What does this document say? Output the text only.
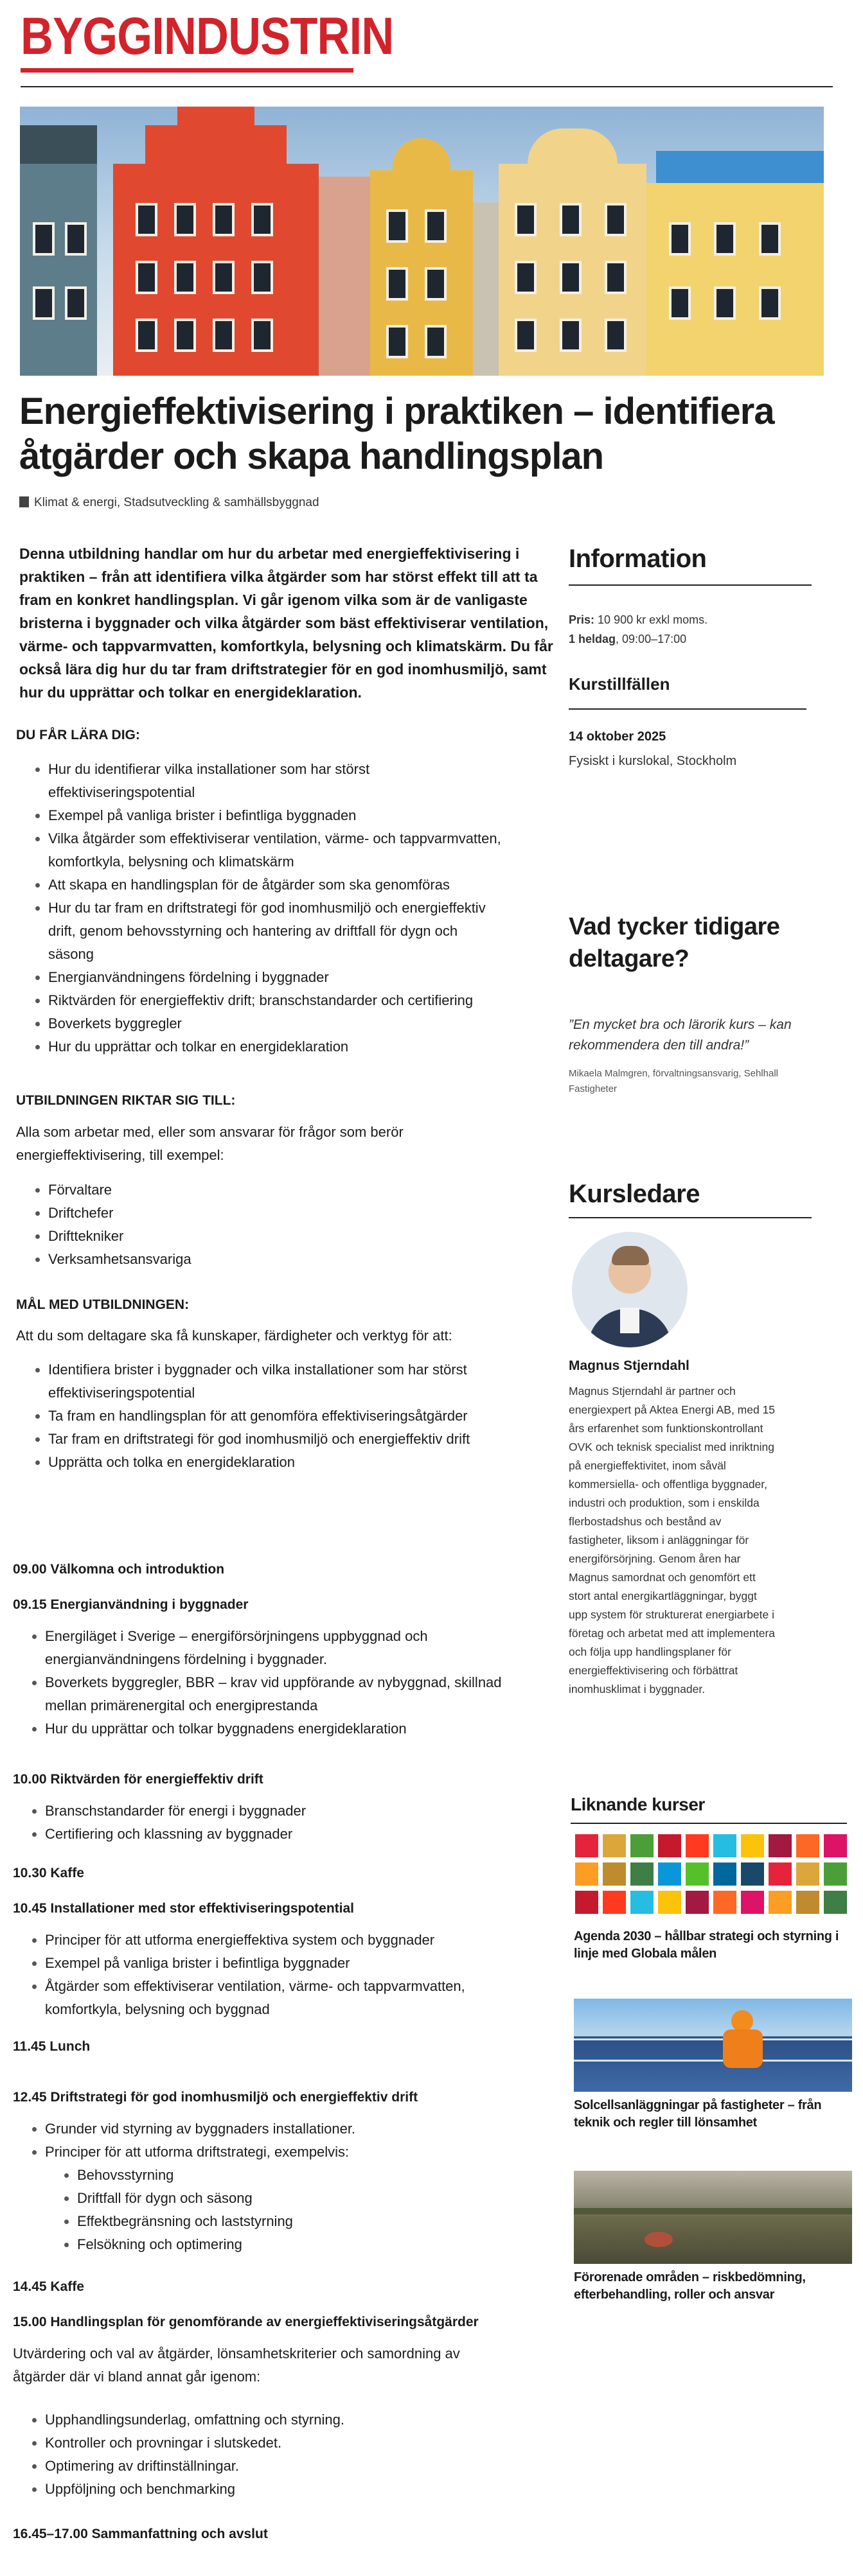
BYGGINDUSTRIN
Energieffektivisering i praktiken – identifiera
åtgärder och skapa handlingsplan
Klimat & energi, Stadsutveckling & samhällsbyggnad
Denna utbildning handlar om hur du arbetar med energieffektivisering i
praktiken – från att identifiera vilka åtgärder som har störst effekt till att ta
fram en konkret handlingsplan. Vi går igenom vilka som är de vanligaste
bristerna i byggnader och vilka åtgärder som bäst effektiviserar ventilation,
värme- och tappvarmvatten, komfortkyla, belysning och klimatskärm. Du får
också lära dig hur du tar fram driftstrategier för en god inomhusmiljö, samt
hur du upprättar och tolkar en energideklaration.
DU FÅR LÄRA DIG:
• Hur du identifierar vilka installationer som har störst
effektiviseringspotential
• Exempel på vanliga brister i befintliga byggnaden
• Vilka åtgärder som effektiviserar ventilation, värme- och tappvarmvatten,
komfortkyla, belysning och klimatskärm
• Att skapa en handlingsplan för de åtgärder som ska genomföras
• Hur du tar fram en driftstrategi för god inomhusmiljö och energieffektiv
drift, genom behovsstyrning och hantering av driftfall för dygn och
säsong
• Energianvändningens fördelning i byggnader
• Riktvärden för energieffektiv drift; branschstandarder och certifiering
• Boverkets byggregler
• Hur du upprättar och tolkar en energideklaration
UTBILDNINGEN RIKTAR SIG TILL:
Alla som arbetar med, eller som ansvarar för frågor som berör
energieffektivisering, till exempel:
• Förvaltare
• Driftchefer
• Drifttekniker
• Verksamhetsansvariga
MÅL MED UTBILDNINGEN:
Att du som deltagare ska få kunskaper, färdigheter och verktyg för att:
• Identifiera brister i byggnader och vilka installationer som har störst
effektiviseringspotential
• Ta fram en handlingsplan för att genomföra effektiviseringsåtgärder
• Tar fram en driftstrategi för god inomhusmiljö och energieffektiv drift
• Upprätta och tolka en energideklaration
09.00 Välkomna och introduktion
09.15 Energianvändning i byggnader
• Energiläget i Sverige – energiförsörjningens uppbyggnad och
energianvändningens fördelning i byggnader.
• Boverkets byggregler, BBR – krav vid uppförande av nybyggnad, skillnad
mellan primärenergital och energiprestanda
• Hur du upprättar och tolkar byggnadens energideklaration
10.00 Riktvärden för energieffektiv drift
• Branschstandarder för energi i byggnader
• Certifiering och klassning av byggnader
10.30 Kaffe
10.45 Installationer med stor effektiviseringspotential
• Principer för att utforma energieffektiva system och byggnader
• Exempel på vanliga brister i befintliga byggnader
• Åtgärder som effektiviserar ventilation, värme- och tappvarmvatten,
komfortkyla, belysning och byggnad
11.45 Lunch
12.45 Driftstrategi för god inomhusmiljö och energieffektiv drift
• Grunder vid styrning av byggnaders installationer.
• Principer för att utforma driftstrategi, exempelvis:
• Behovsstyrning
• Driftfall för dygn och säsong
• Effektbegränsning och laststyrning
• Felsökning och optimering
14.45 Kaffe
15.00 Handlingsplan för genomförande av energieffektiviseringsåtgärder
Utvärdering och val av åtgärder, lönsamhetskriterier och samordning av
åtgärder där vi bland annat går igenom:
• Upphandlingsunderlag, omfattning och styrning.
• Kontroller och provningar i slutskedet.
• Optimering av driftinställningar.
• Uppföljning och benchmarking
16.45–17.00 Sammanfattning och avslut
Information
Pris: 10 900 kr exkl moms.
1 heldag, 09:00–17:00
Kurstillfällen
14 oktober 2025
Fysiskt i kurslokal, Stockholm
Vad tycker tidigare
deltagare?
”En mycket bra och lärorik kurs – kan
rekommendera den till andra!”
Mikaela Malmgren, förvaltningsansvarig, Sehlhall
Fastigheter
Kursledare
Magnus Stjerndahl
Magnus Stjerndahl är partner och
energiexpert på Aktea Energi AB, med 15
års erfarenhet som funktionskontrollant
OVK och teknisk specialist med inriktning
på energieffektivitet, inom såväl
kommersiella- och offentliga byggnader,
industri och produktion, som i enskilda
flerbostadshus och bestånd av
fastigheter, liksom i anläggningar för
energiförsörjning. Genom åren har
Magnus samordnat och genomfört ett
stort antal energikartläggningar, byggt
upp system för strukturerat energiarbete i
företag och arbetat med att implementera
och följa upp handlingsplaner för
energieffektivisering och förbättrat
inomhusklimat i byggnader.
Liknande kurser
Agenda 2030 – hållbar strategi och styrning i
linje med Globala målen
Solcellsanläggningar på fastigheter – från
teknik och regler till lönsamhet
Förorenade områden – riskbedömning,
efterbehandling, roller och ansvar
